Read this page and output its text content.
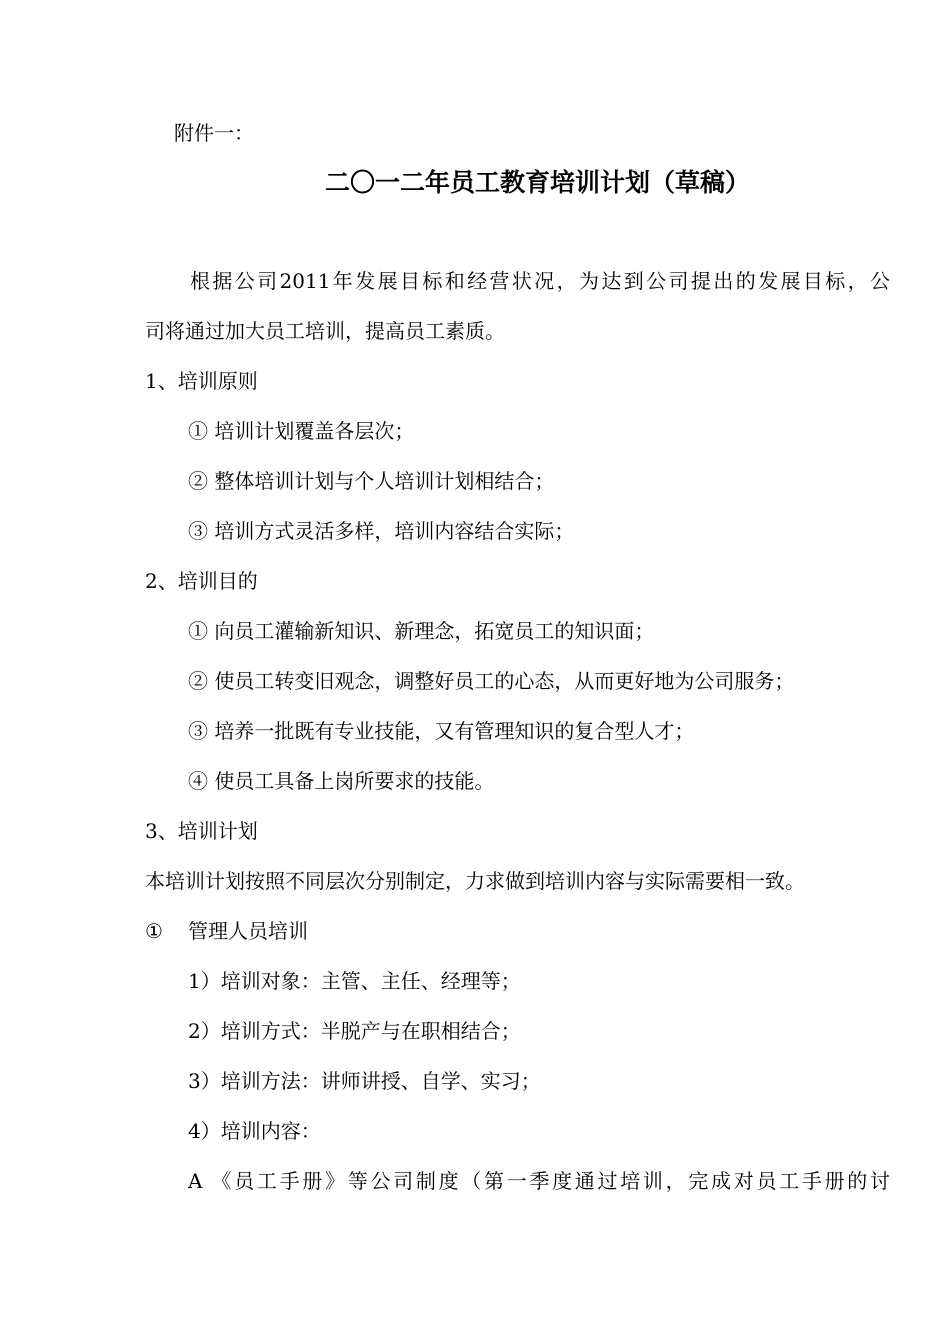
附件一：
二〇一二年员工教育培训计划（草稿）
根据公司2011年发展目标和经营状况，为达到公司提出的发展目标，公
司将通过加大员工培训，提高员工素质。
1、培训原则
① 培训计划覆盖各层次；
② 整体培训计划与个人培训计划相结合；
③ 培训方式灵活多样，培训内容结合实际；
2、培训目的
① 向员工灌输新知识、新理念，拓宽员工的知识面；
② 使员工转变旧观念，调整好员工的心态，从而更好地为公司服务；
③ 培养一批既有专业技能，又有管理知识的复合型人才；
④ 使员工具备上岗所要求的技能。
3、培训计划
本培训计划按照不同层次分别制定，力求做到培训内容与实际需要相一致。
① 管理人员培训
1）培训对象：主管、主任、经理等；
2）培训方式：半脱产与在职相结合；
3）培训方法：讲师讲授、自学、实习；
4）培训内容：
A 《员工手册》等公司制度（第一季度通过培训，完成对员工手册的讨
